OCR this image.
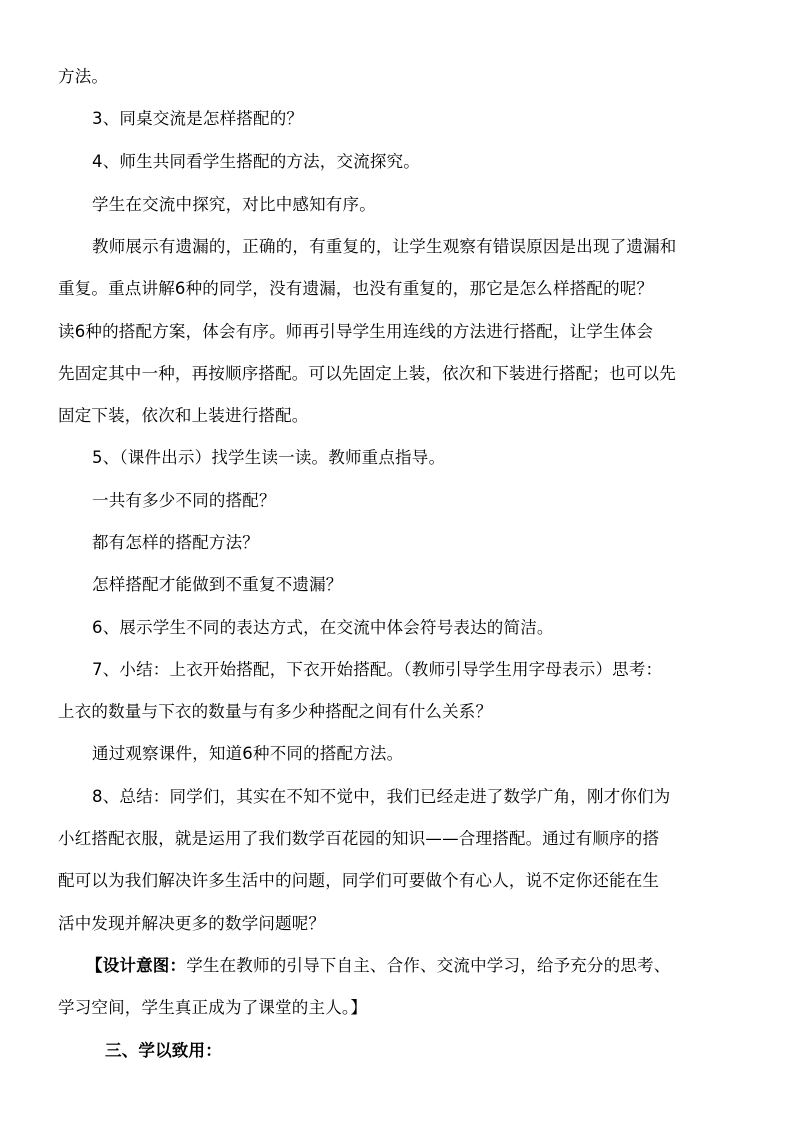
方法。
3、同桌交流是怎样搭配的？
4、师生共同看学生搭配的方法，交流探究。
学生在交流中探究，对比中感知有序。
教师展示有遗漏的，正确的，有重复的，让学生观察有错误原因是出现了遗漏和
重复。重点讲解6种的同学，没有遗漏，也没有重复的，那它是怎么样搭配的呢？
读6种的搭配方案，体会有序。师再引导学生用连线的方法进行搭配，让学生体会
先固定其中一种，再按顺序搭配。可以先固定上装，依次和下装进行搭配；也可以先
固定下装，依次和上装进行搭配。
5、（课件出示）找学生读一读。教师重点指导。
一共有多少不同的搭配？
都有怎样的搭配方法？
怎样搭配才能做到不重复不遗漏？
6、展示学生不同的表达方式，在交流中体会符号表达的简洁。
7、小结：上衣开始搭配，下衣开始搭配。（教师引导学生用字母表示）思考：
上衣的数量与下衣的数量与有多少种搭配之间有什么关系？
通过观察课件，知道6种不同的搭配方法。
8、总结：同学们，其实在不知不觉中，我们已经走进了数学广角，刚才你们为
小红搭配衣服，就是运用了我们数学百花园的知识——合理搭配。通过有顺序的搭
配可以为我们解决许多生活中的问题，同学们可要做个有心人，说不定你还能在生
活中发现并解决更多的数学问题呢？
【设计意图：学生在教师的引导下自主、合作、交流中学习，给予充分的思考、
学习空间，学生真正成为了课堂的主人。】
三、学以致用：
